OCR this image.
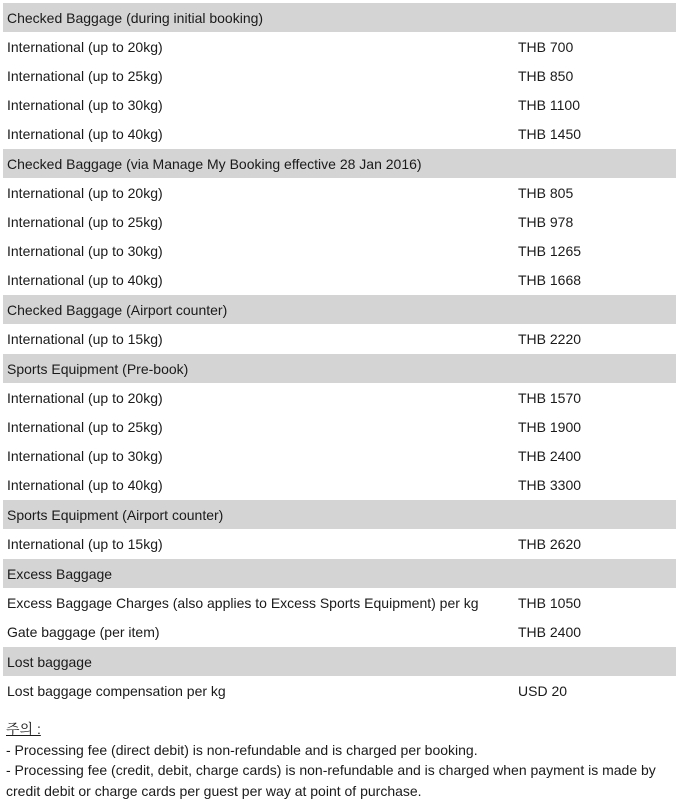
Checked Baggage (during initial booking)
International (up to 20kg)	THB 700
International (up to 25kg)	THB 850
International (up to 30kg)	THB 1100
International (up to 40kg)	THB 1450
Checked Baggage (via Manage My Booking effective 28 Jan 2016)
International (up to 20kg)	THB 805
International (up to 25kg)	THB 978
International (up to 30kg)	THB 1265
International (up to 40kg)	THB 1668
Checked Baggage (Airport counter)
International (up to 15kg)	THB 2220
Sports Equipment (Pre-book)
International (up to 20kg)	THB 1570
International (up to 25kg)	THB 1900
International (up to 30kg)	THB 2400
International (up to 40kg)	THB 3300
Sports Equipment (Airport counter)
International (up to 15kg)	THB 2620
Excess Baggage
Excess Baggage Charges (also applies to Excess Sports Equipment) per kg	THB 1050
Gate baggage (per item)	THB 2400
Lost baggage
Lost baggage compensation per kg	USD 20
주의 :
- Processing fee (direct debit) is non-refundable and is charged per booking.
- Processing fee (credit, debit, charge cards) is non-refundable and is charged when payment is made by credit debit or charge cards per guest per way at point of purchase.
